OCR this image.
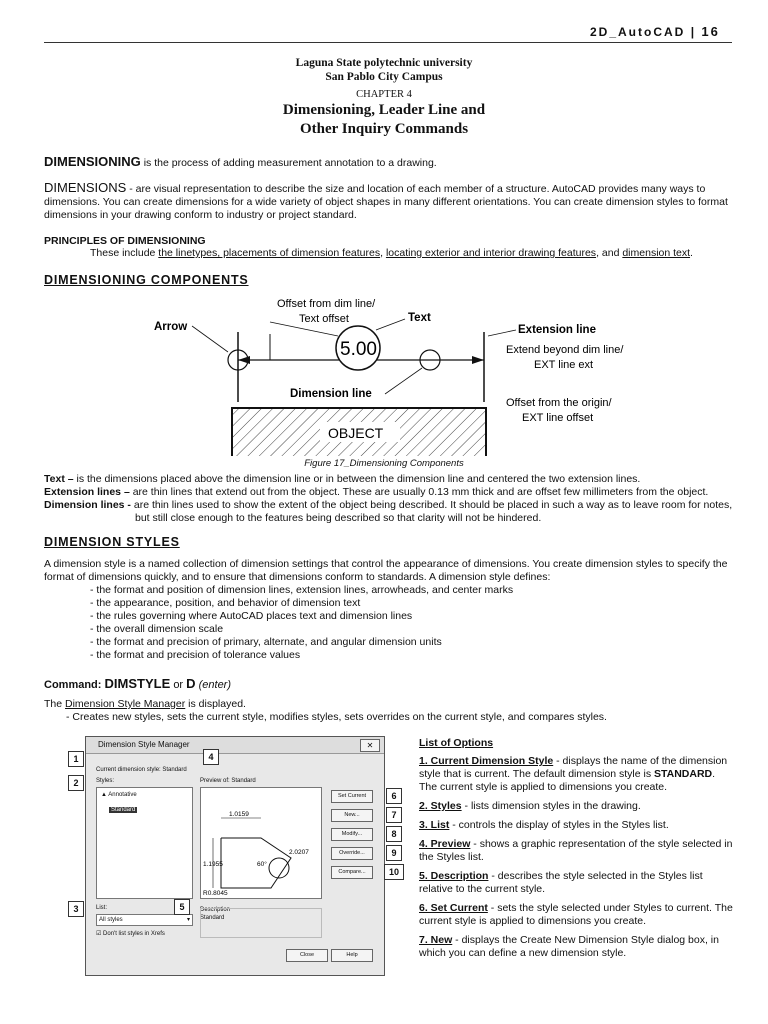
2D_AutoCAD | 16
Laguna State polytechnic university
San Pablo City Campus
CHAPTER 4
Dimensioning, Leader Line and
Other Inquiry Commands
DIMENSIONING is the process of adding measurement annotation to a drawing.
DIMENSIONS - are visual representation to describe the size and location of each member of a structure. AutoCAD provides many ways to dimensions. You can create dimensions for a wide variety of object shapes in many different orientations. You can create dimension styles to format dimensions in your drawing conform to industry or project standard.
PRINCIPLES OF DIMENSIONING
These include the linetypes, placements of dimension features, locating exterior and interior drawing features, and dimension text.
DIMENSIONING COMPONENTS
OBJECT
5.00
Offset from dim line/
Text offset	Text
Arrow	Extension line
Extend beyond dim line/
EXT line ext
Dimension line
Offset from the origin/
EXT line offset
Figure 17_Dimensioning Components
Text – is the dimensions placed above the dimension line or in between the dimension line and centered the two extension lines.
Extension lines – are thin lines that extend out from the object. These are usually 0.13 mm thick and are offset few millimeters from the object.
Dimension lines - are thin lines used to show the extent of the object being described. It should be placed in such a way as to leave room for notes,
but still close enough to the features being described so that clarity will not be hindered.
DIMENSION STYLES
A dimension style is a named collection of dimension settings that control the appearance of dimensions. You create dimension styles to specify the format of dimensions quickly, and to ensure that dimensions conform to standards. A dimension style defines:
- the format and position of dimension lines, extension lines, arrowheads, and center marks
- the appearance, position, and behavior of dimension text
- the rules governing where AutoCAD places text and dimension lines
- the overall dimension scale
- the format and precision of primary, alternate, and angular dimension units
- the format and precision of tolerance values
Command: DIMSTYLE or D (enter)
The Dimension Style Manager is displayed.
- Creates new styles, sets the current style, modifies styles, sets overrides on the current style, and compares styles.
Dimension Style Manager	✕
Current dimension style: Standard
Styles:
▲ Annotative
Standard
List:
All styles	▾
☑ Don't list styles in Xrefs
Preview of: Standard
1.0159
1.1955
2.0207
60°
R0.8045
Description
Standard
Set Current
New...
Modify...
Override...
Compare...
Close	Help
1
2
3
4
5
6
7
8
9
10
List of Options
1. Current Dimension Style - displays the name of the dimension style that is current. The default dimension style is STANDARD. The current style is applied to dimensions you create.
2. Styles - lists dimension styles in the drawing.
3. List - controls the display of styles in the Styles list.
4. Preview - shows a graphic representation of the style selected in the Styles list.
5. Description - describes the style selected in the Styles list relative to the current style.
6. Set Current - sets the style selected under Styles to current. The current style is applied to dimensions you create.
7. New - displays the Create New Dimension Style dialog box, in which you can define a new dimension style.
